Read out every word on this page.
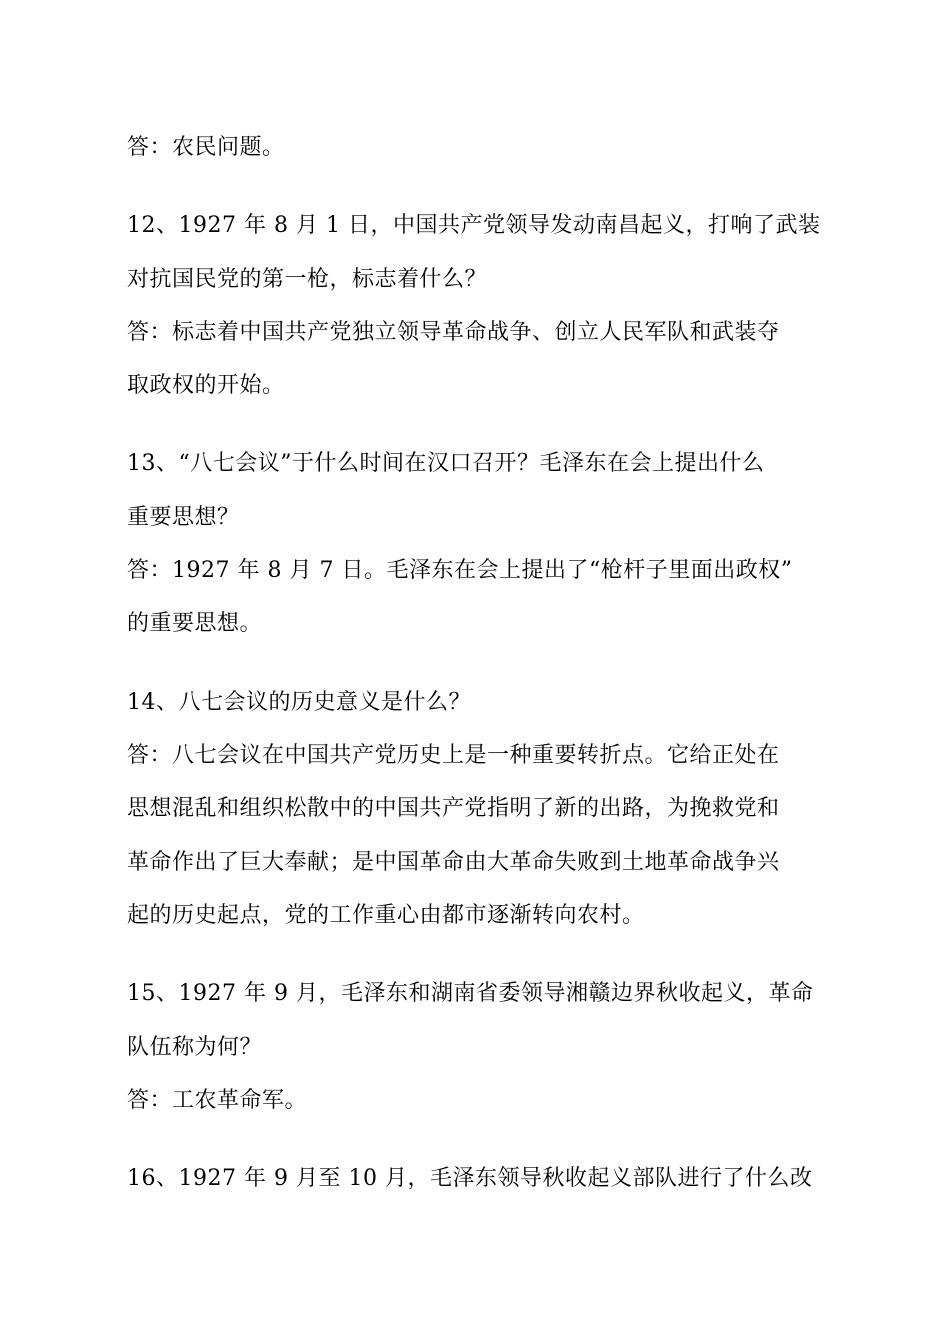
答：农民问题。
12、1927 年 8 月 1 日，中国共产党领导发动南昌起义，打响了武装
对抗国民党的第一枪，标志着什么？
答：标志着中国共产党独立领导革命战争、创立人民军队和武装夺
取政权的开始。
13、“八七会议”于什么时间在汉口召开？毛泽东在会上提出什么
重要思想？
答：1927 年 8 月 7 日。毛泽东在会上提出了“枪杆子里面出政权”
的重要思想。
14、八七会议的历史意义是什么？
答：八七会议在中国共产党历史上是一种重要转折点。它给正处在
思想混乱和组织松散中的中国共产党指明了新的出路，为挽救党和
革命作出了巨大奉献；是中国革命由大革命失败到土地革命战争兴
起的历史起点，党的工作重心由都市逐渐转向农村。
15、1927 年 9 月，毛泽东和湖南省委领导湘赣边界秋收起义，革命
队伍称为何？
答：工农革命军。
16、1927 年 9 月至 10 月，毛泽东领导秋收起义部队进行了什么改
